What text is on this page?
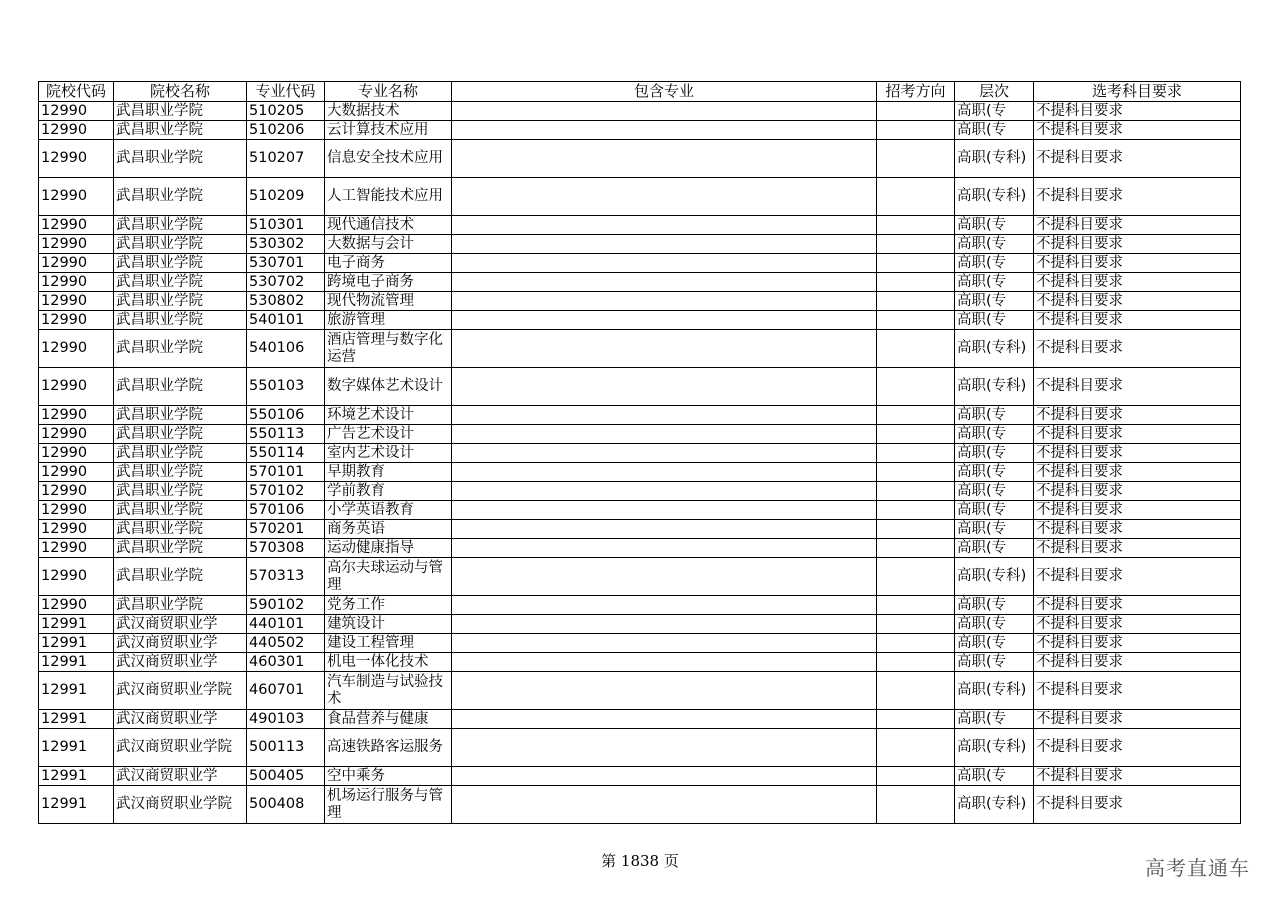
院校代码	院校名称	专业代码	专业名称	包含专业	招考方向	层次	选考科目要求
12990	武昌职业学院	510205	大数据技术			高职(专	不提科目要求
12990	武昌职业学院	510206	云计算技术应用			高职(专	不提科目要求
12990	武昌职业学院	510207	信息安全技术应用			高职(专科)	不提科目要求
12990	武昌职业学院	510209	人工智能技术应用			高职(专科)	不提科目要求
12990	武昌职业学院	510301	现代通信技术			高职(专	不提科目要求
12990	武昌职业学院	530302	大数据与会计			高职(专	不提科目要求
12990	武昌职业学院	530701	电子商务			高职(专	不提科目要求
12990	武昌职业学院	530702	跨境电子商务			高职(专	不提科目要求
12990	武昌职业学院	530802	现代物流管理			高职(专	不提科目要求
12990	武昌职业学院	540101	旅游管理			高职(专	不提科目要求
12990	武昌职业学院	540106	酒店管理与数字化运营			高职(专科)	不提科目要求
12990	武昌职业学院	550103	数字媒体艺术设计			高职(专科)	不提科目要求
12990	武昌职业学院	550106	环境艺术设计			高职(专	不提科目要求
12990	武昌职业学院	550113	广告艺术设计			高职(专	不提科目要求
12990	武昌职业学院	550114	室内艺术设计			高职(专	不提科目要求
12990	武昌职业学院	570101	早期教育			高职(专	不提科目要求
12990	武昌职业学院	570102	学前教育			高职(专	不提科目要求
12990	武昌职业学院	570106	小学英语教育			高职(专	不提科目要求
12990	武昌职业学院	570201	商务英语			高职(专	不提科目要求
12990	武昌职业学院	570308	运动健康指导			高职(专	不提科目要求
12990	武昌职业学院	570313	高尔夫球运动与管理			高职(专科)	不提科目要求
12990	武昌职业学院	590102	党务工作			高职(专	不提科目要求
12991	武汉商贸职业学	440101	建筑设计			高职(专	不提科目要求
12991	武汉商贸职业学	440502	建设工程管理			高职(专	不提科目要求
12991	武汉商贸职业学	460301	机电一体化技术			高职(专	不提科目要求
12991	武汉商贸职业学院	460701	汽车制造与试验技术			高职(专科)	不提科目要求
12991	武汉商贸职业学	490103	食品营养与健康			高职(专	不提科目要求
12991	武汉商贸职业学院	500113	高速铁路客运服务			高职(专科)	不提科目要求
12991	武汉商贸职业学	500405	空中乘务			高职(专	不提科目要求
12991	武汉商贸职业学院	500408	机场运行服务与管理			高职(专科)	不提科目要求
第 1838 页	高考直通车
